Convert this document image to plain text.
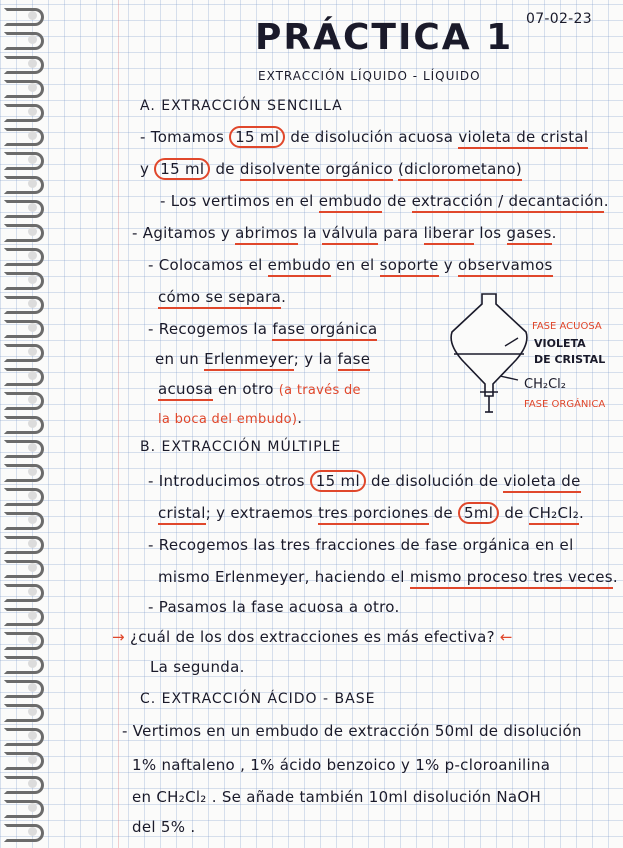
07-02-23
PRÁCTICA 1
EXTRACCIÓN LÍQUIDO - LÍQUIDO
A. EXTRACCIÓN SENCILLA
- Tomamos 15 ml de disolución acuosa violeta de cristal
y 15 ml de disolvente orgánico (diclorometano)
- Los vertimos en el embudo de extracción / decantación.
- Agitamos y abrimos la válvula para liberar los gases.
- Colocamos el embudo en el soporte y observamos
cómo se separa.
- Recogemos la fase orgánica
en un Erlenmeyer; y la fase
acuosa en otro (a través de
la boca del embudo).
FASE ACUOSA
VIOLETA
DE CRISTAL
CH₂Cl₂
FASE ORGÁNICA
B. EXTRACCIÓN MÚLTIPLE
- Introducimos otros 15 ml de disolución de violeta de
cristal; y extraemos tres porciones de 5ml de CH₂Cl₂.
- Recogemos las tres fracciones de fase orgánica en el
mismo Erlenmeyer, haciendo el mismo proceso tres veces.
- Pasamos la fase acuosa a otro.
→ ¿cuál de los dos extracciones es más efectiva? ←
La segunda.
C. EXTRACCIÓN ÁCIDO - BASE
- Vertimos en un embudo de extracción 50ml de disolución
1% naftaleno , 1% ácido benzoico y 1% p-cloroanilina
en CH₂Cl₂ . Se añade también 10ml disolución NaOH
del 5% .
